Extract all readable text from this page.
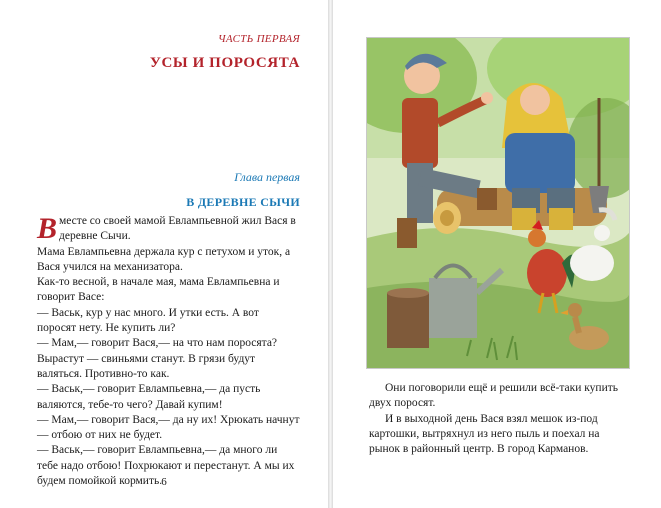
ЧАСТЬ ПЕРВАЯ
УСЫ И ПОРОСЯТА
Глава первая
В ДЕРЕВНЕ СЫЧИ

Вместе со своей мамой Евлампьевной жил Вася в деревне Сычи.

Мама Евлампьевна держала кур с петухом и уток, а Вася учился на механизатора.

Как-то весной, в начале мая, мама Евлампьевна и говорит Васе:

— Васьк, кур у нас много. И утки есть. А вот поросят нету. Не купить ли?

— Мам,— говорит Вася,— на что нам поросята? Вырастут — свиньями станут. В грязи будут валяться. Противно-то как.

— Васьк,— говорит Евлампьевна,— да пусть валяются, тебе-то чего? Давай купим!

— Мам,— говорит Вася,— да ну их! Хрюкать начнут — отбою от них не будет.

— Васьк,— говорит Евлампьевна,— да много ли тебе надо отбою! Похрюкают и перестанут. А мы их будем помойкой кормить. 6

Они поговорили ещё и решили всё-таки купить двух поросят.

И в выходной день Вася взял мешок из-под картошки, вытряхнул из него пыль и поехал на рынок в районный центр. В город Карманов.
